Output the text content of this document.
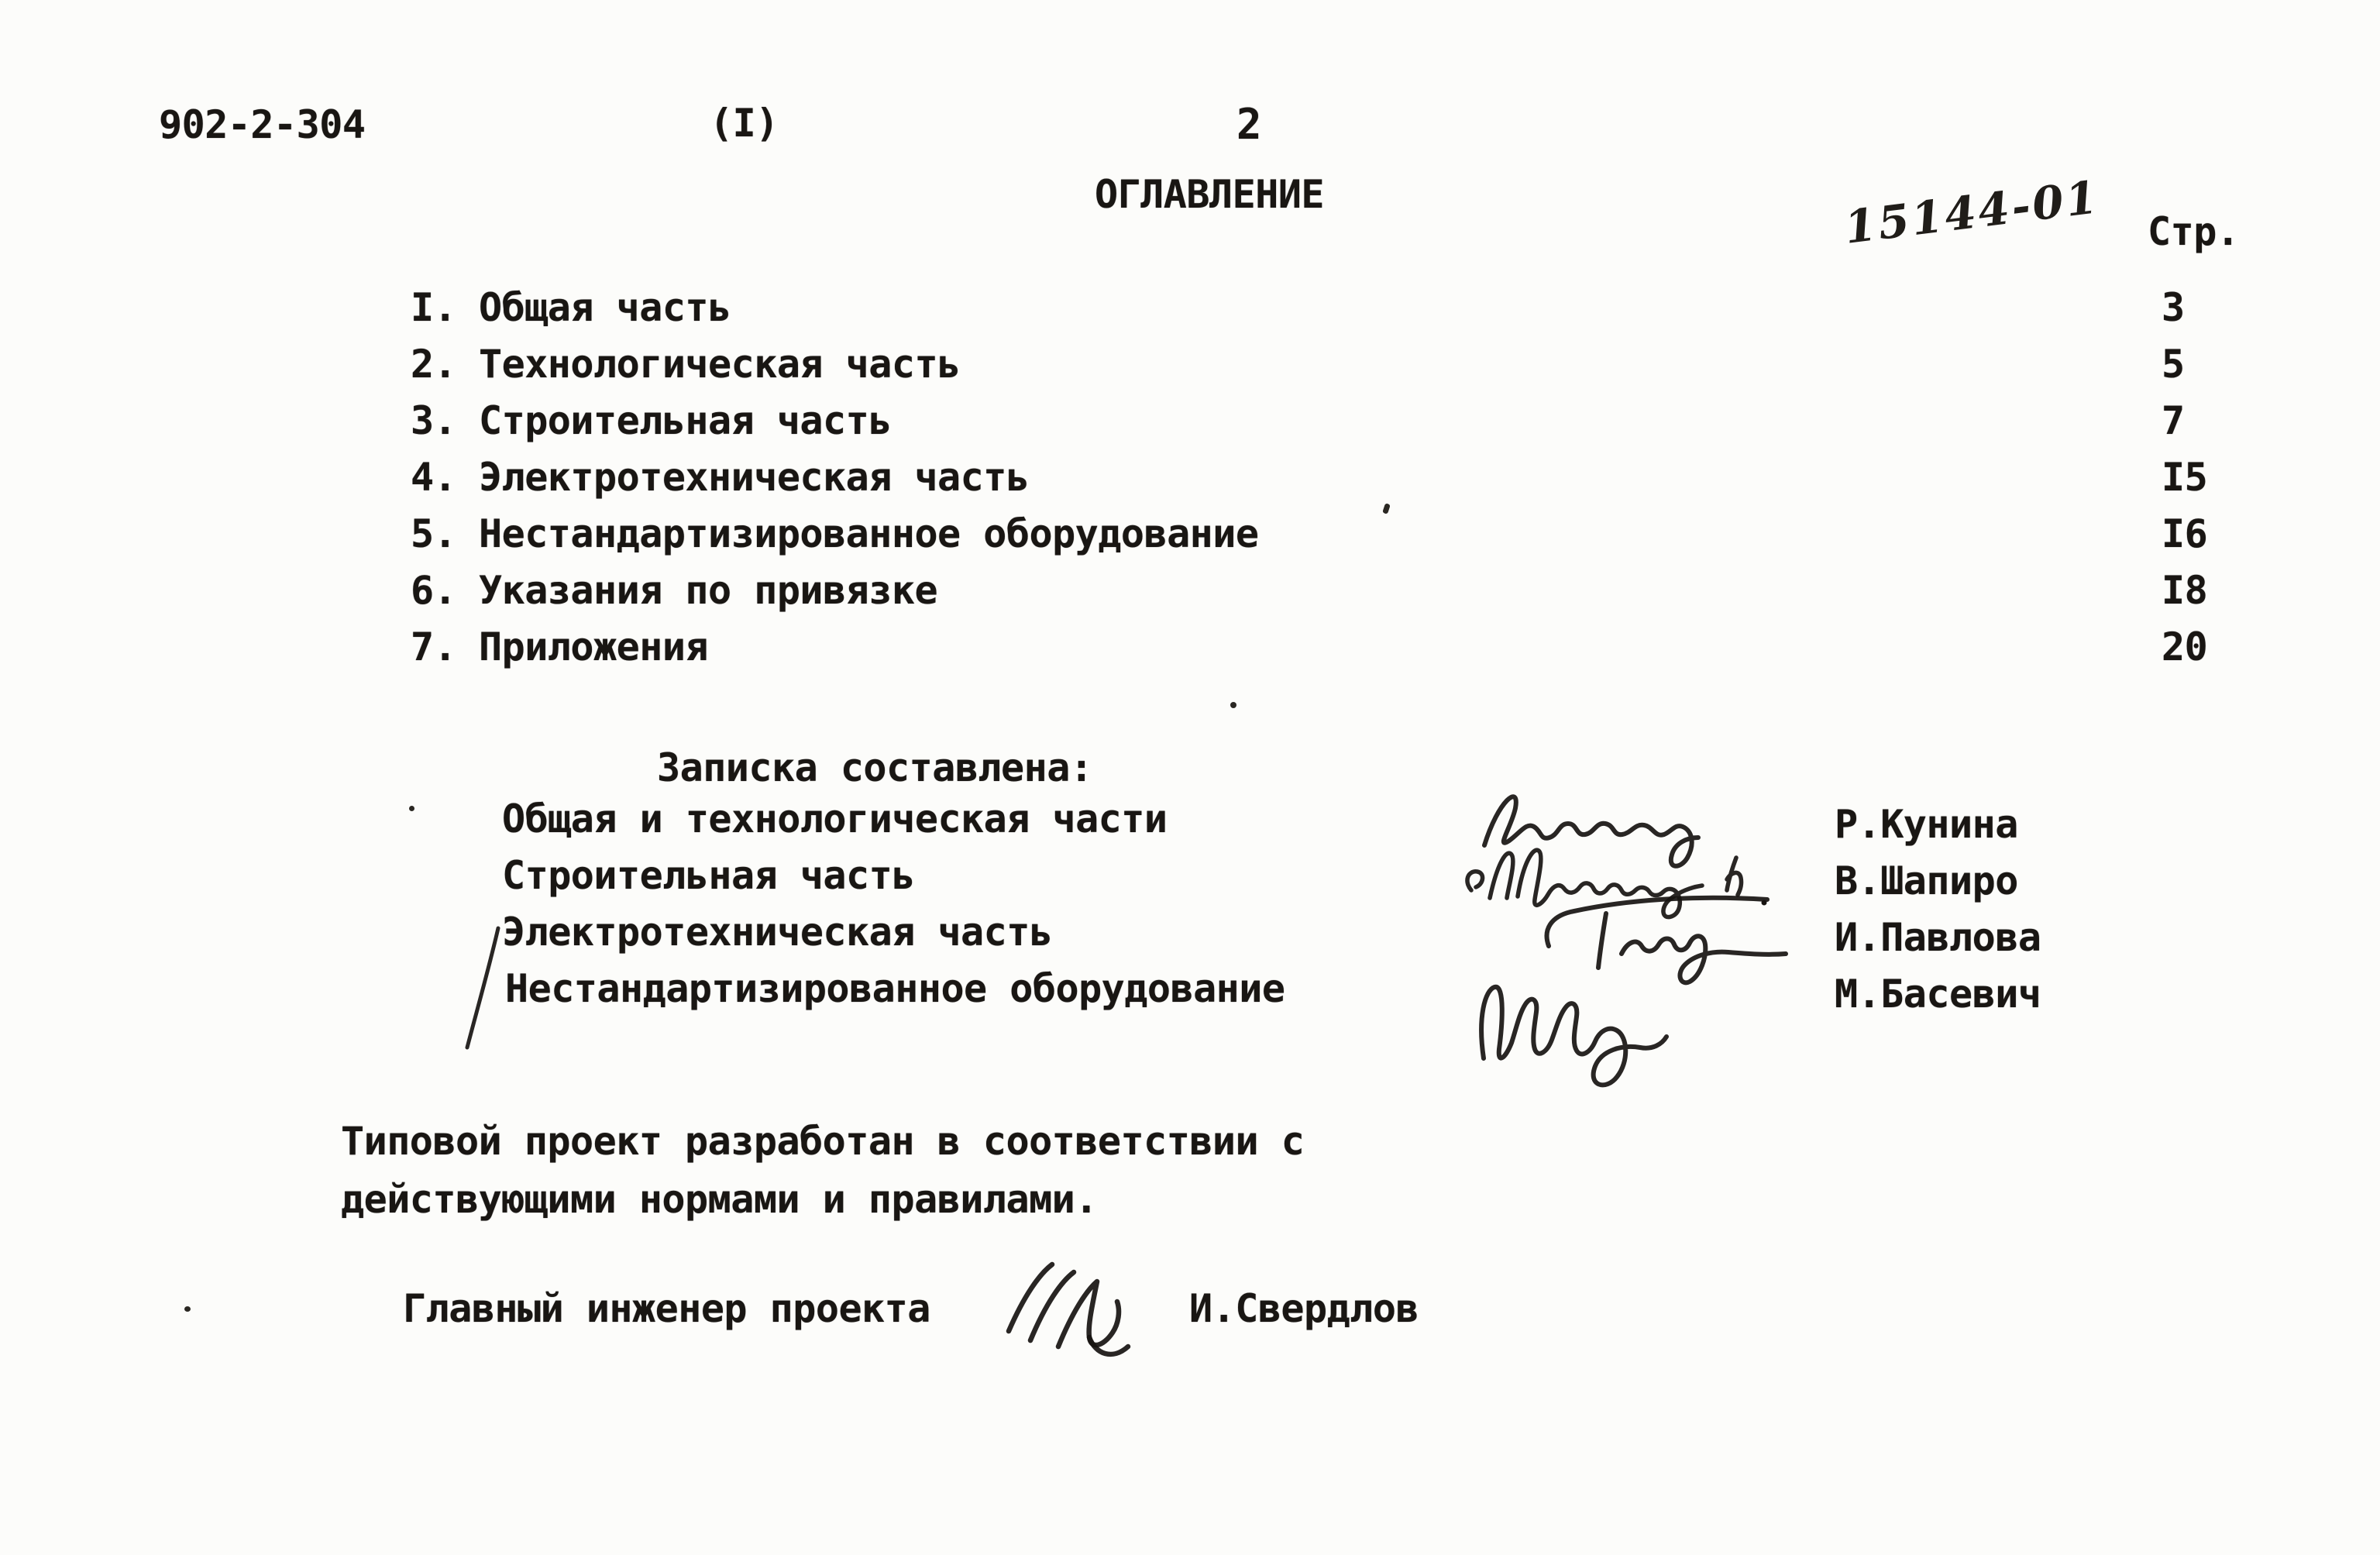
902-2-304	(I)	2
ОГЛАВЛЕНИЕ	15144-01 Стр.
I. Общая часть	3
2. Технологическая часть	5
3. Строительная часть	7
4. Электротехническая часть	I5
5. Нестандартизированное оборудование	I6
6. Указания по привязке	I8
7. Приложения	20
Записка составлена:
Общая и технологическая части
Строительная часть
Электротехническая часть
Нестандартизированное оборудование
Р.Кунина
В.Шапиро
И.Павлова
М.Басевич
Типовой проект разработан в соответствии с
действующими нормами и правилами.
Главный инженер проекта	И.Свердлов
